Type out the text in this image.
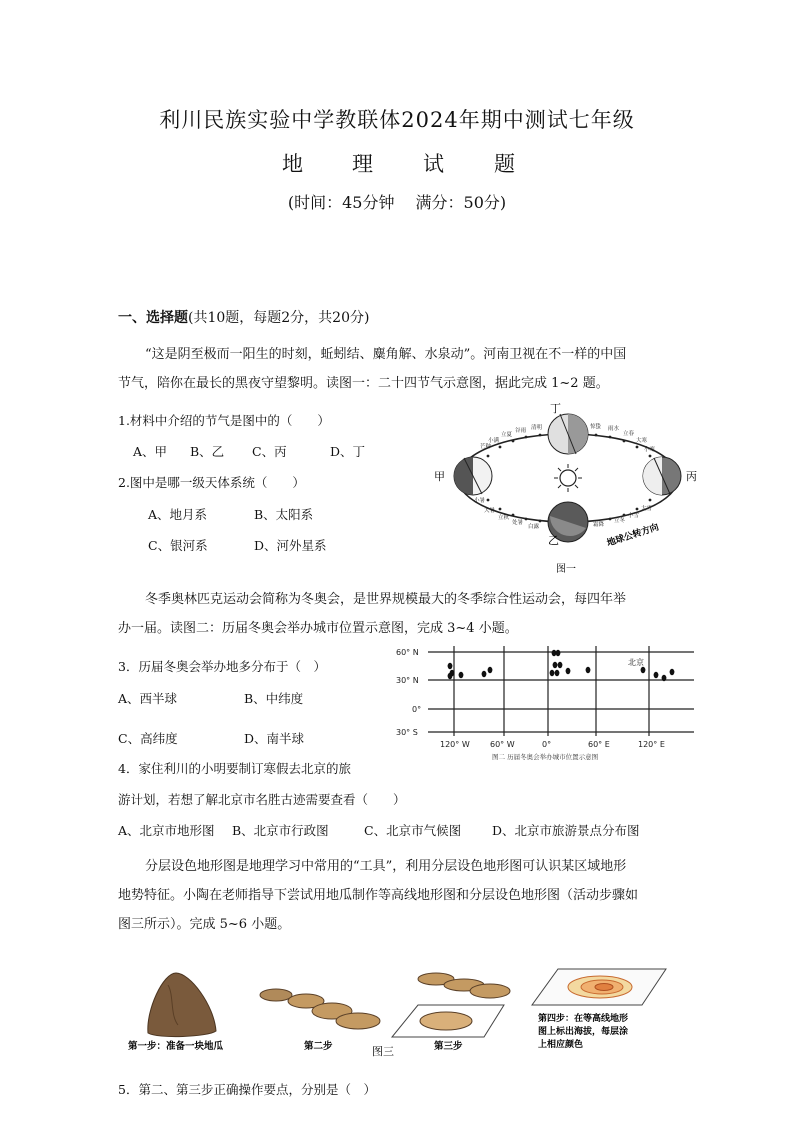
利川民族实验中学教联体2024年期中测试七年级
地 理 试 题
(时间：45分钟　 满分：50分)
一、选择题(共10题，每题2分，共20分)
“这是阴至极而一阳生的时刻，蚯蚓结、麋角解、水泉动”。河南卫视在不一样的中国
节气，陪你在最长的黑夜守望黎明。读图一：二十四节气示意图，据此完成 1~2 题。
1.材料中介绍的节气是图中的（　　）
A、甲 B、乙 C、丙	D、丁
2.图中是哪一级天体系统（　　）
A、地月系	B、太阳系
C、银河系	D、河外星系
芒种
小满
立夏
谷雨 清明	惊蛰 雨水
立春
大寒
小寒
大雪
小雪
立冬
霜降
小暑
大暑
立秋
处暑
白露
甲
乙
丙
丁
地球公转方向
图一
冬季奥林匹克运动会简称为冬奥会，是世界规模最大的冬季综合性运动会，每四年举
办一届。读图二：历届冬奥会举办城市位置示意图，完成 3~4 小题。
3．历届冬奥会举办地多分布于（　）
A、西半球	B、中纬度
C、高纬度	D、南半球
60° N
30° N
0°
30° S
120° W	60° W	0°	60° E	120° E
北京
图二 历届冬奥会举办城市位置示意图
4．家住利川的小明要制订寒假去北京的旅
游计划，若想了解北京市名胜古迹需要查看（　　）
A、北京市地形图 B、北京市行政图	C、北京市气候图 D、北京市旅游景点分布图
分层设色地形图是地理学习中常用的“工具”，利用分层设色地形图可认识某区域地形
地势特征。小陶在老师指导下尝试用地瓜制作等高线地形图和分层设色地形图（活动步骤如
图三所示）。完成 5~6 小题。
第一步：准备一块地瓜	第二步	第三步
图三
第四步：在等高线地形
图上标出海拔，每层涂
上相应颜色
5．第二、第三步正确操作要点，分别是（　）
